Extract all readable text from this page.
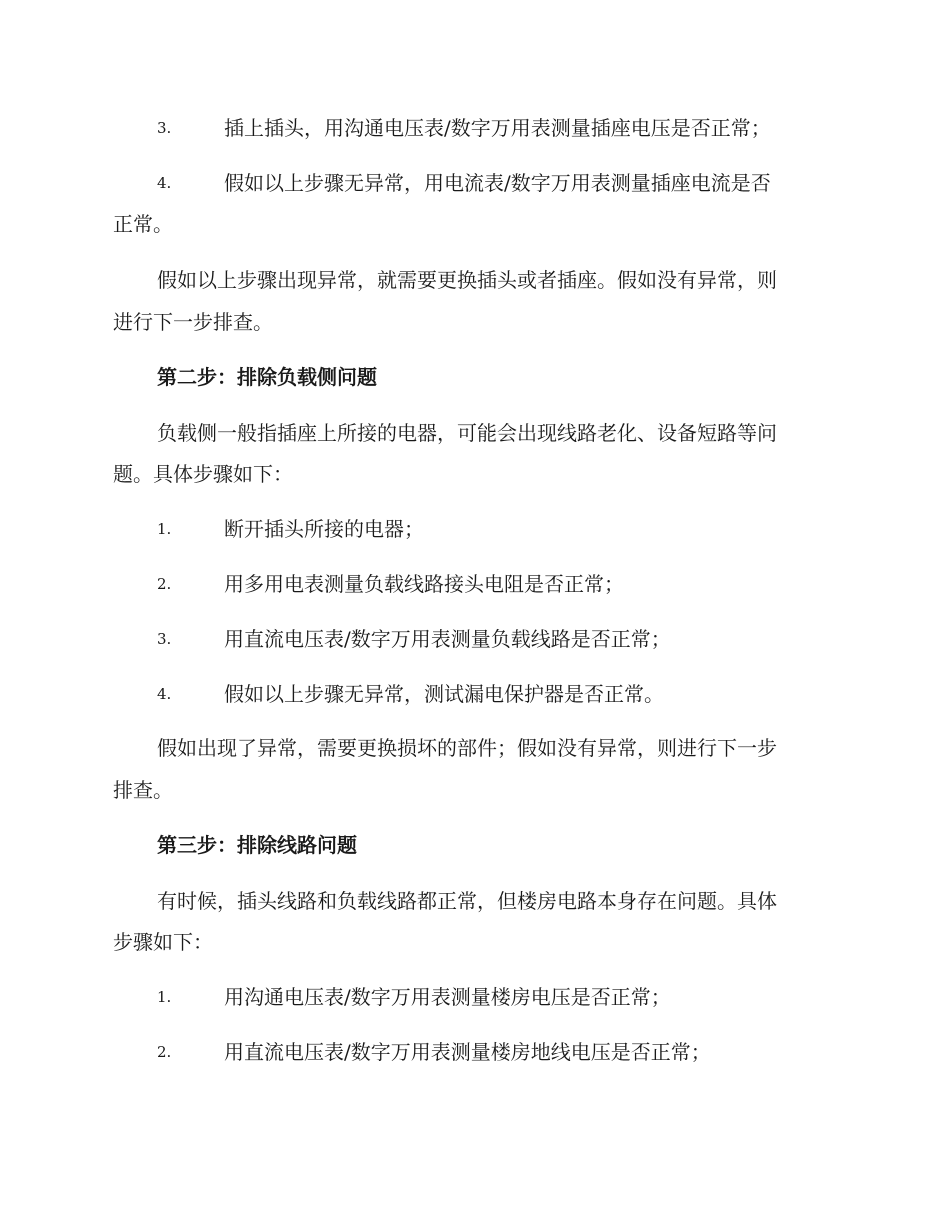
3.	插上插头，用沟通电压表/数字万用表测量插座电压是否正常；
4.	假如以上步骤无异常，用电流表/数字万用表测量插座电流是否
正常。
假如以上步骤出现异常，就需要更换插头或者插座。假如没有异常，则
进行下一步排查。
第二步：排除负载侧问题
负载侧一般指插座上所接的电器，可能会出现线路老化、设备短路等问
题。具体步骤如下：
1.	断开插头所接的电器；
2.	用多用电表测量负载线路接头电阻是否正常；
3.	用直流电压表/数字万用表测量负载线路是否正常；
4.	假如以上步骤无异常，测试漏电保护器是否正常。
假如出现了异常，需要更换损坏的部件；假如没有异常，则进行下一步
排查。
第三步：排除线路问题
有时候，插头线路和负载线路都正常，但楼房电路本身存在问题。具体
步骤如下：
1.	用沟通电压表/数字万用表测量楼房电压是否正常；
2.	用直流电压表/数字万用表测量楼房地线电压是否正常；
